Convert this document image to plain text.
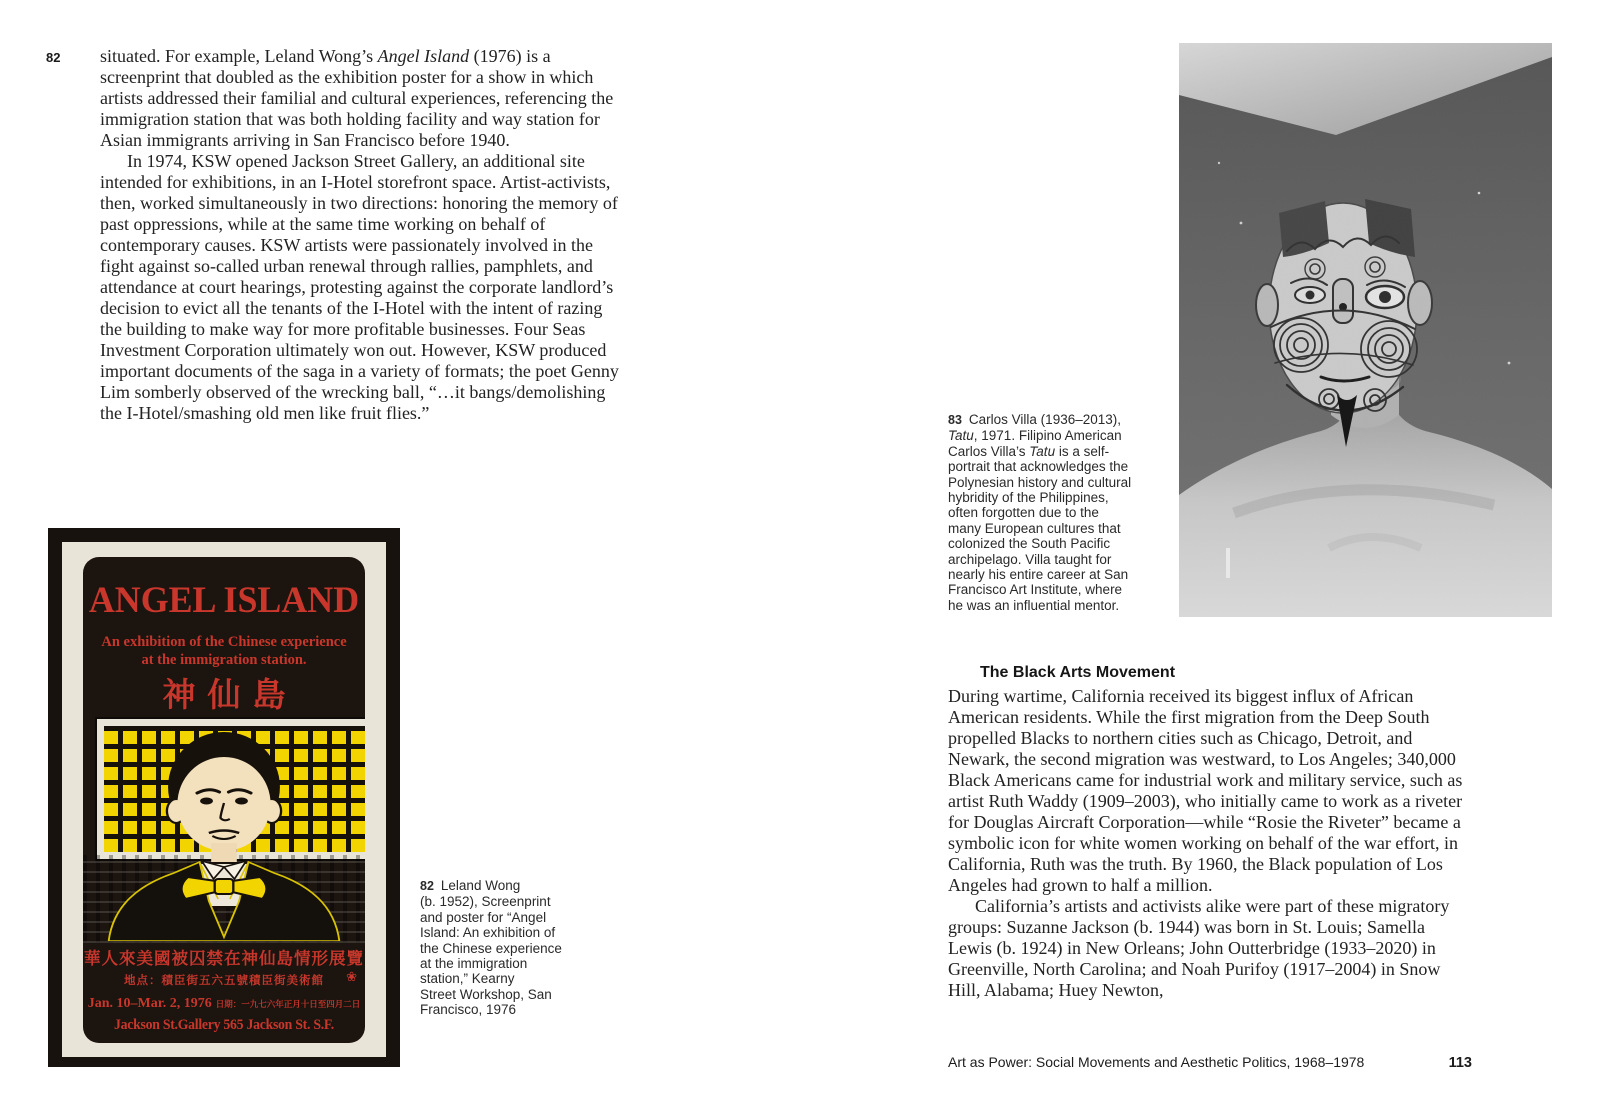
82 situated. For example, Leland Wong’s Angel Island (1976) is a screenprint that doubled as the exhibition poster for a show in which artists addressed their familial and cultural experiences, referencing the immigration station that was both holding facility and way station for Asian immigrants arriving in San Francisco before 1940.

In 1974, KSW opened Jackson Street Gallery, an additional site intended for exhibitions, in an I-Hotel storefront space. Artist-activists, then, worked simultaneously in two directions: honoring the memory of past oppressions, while at the same time working on behalf of contemporary causes. KSW artists were passionately involved in the fight against so-called urban renewal through rallies, pamphlets, and attendance at court hearings, protesting against the corporate landlord’s decision to evict all the tenants of the I-Hotel with the intent of razing the building to make way for more profitable businesses. Four Seas Investment Corporation ultimately won out. However, KSW produced important documents of the saga in a variety of formats; the poet Genny Lim somberly observed of the wrecking ball, “…it bangs/demolishing the I-Hotel/smashing old men like fruit flies.”

ANGEL ISLAND
An exhibition of the Chinese experience
at the immigration station.
神仙島
華人來美國被囚禁在神仙島情形展覽
地点：積臣街五六五號積臣街美術館	❀
Jan. 10–Mar. 2, 1976 日期：一九七六年正月十日至四月二日
Jackson St.Gallery 565 Jackson St. S.F.
82 Leland Wong
(b. 1952), Screenprint
and poster for “Angel
Island: An exhibition of
the Chinese experience
at the immigration
station,” Kearny
Street Workshop, San
Francisco, 1976
83 Carlos Villa (1936–2013),
Tatu, 1971. Filipino American
Carlos Villa’s Tatu is a self-
portrait that acknowledges the
Polynesian history and cultural
hybridity of the Philippines,
often forgotten due to the
many European cultures that
colonized the South Pacific
archipelago. Villa taught for
nearly his entire career at San
Francisco Art Institute, where
he was an influential mentor.
The Black Arts Movement

During wartime, California received its biggest influx of African American residents. While the first migration from the Deep South propelled Blacks to northern cities such as Chicago, Detroit, and Newark, the second migration was westward, to Los Angeles; 340,000 Black Americans came for industrial work and military service, such as artist Ruth Waddy (1909–2003), who initially came to work as a riveter for Douglas Aircraft Corporation—while “Rosie the Riveter” became a symbolic icon for white women working on behalf of the war effort, in California, Ruth was the truth. By 1960, the Black population of Los Angeles had grown to half a million.

California’s artists and activists alike were part of these migratory groups: Suzanne Jackson (b. 1944) was born in St. Louis; Samella Lewis (b. 1924) in New Orleans; John Outterbridge (1933–2020) in Greenville, North Carolina; and Noah Purifoy (1917–2004) in Snow Hill, Alabama; Huey Newton,

Art as Power: Social Movements and Aesthetic Politics, 1968–1978	113
